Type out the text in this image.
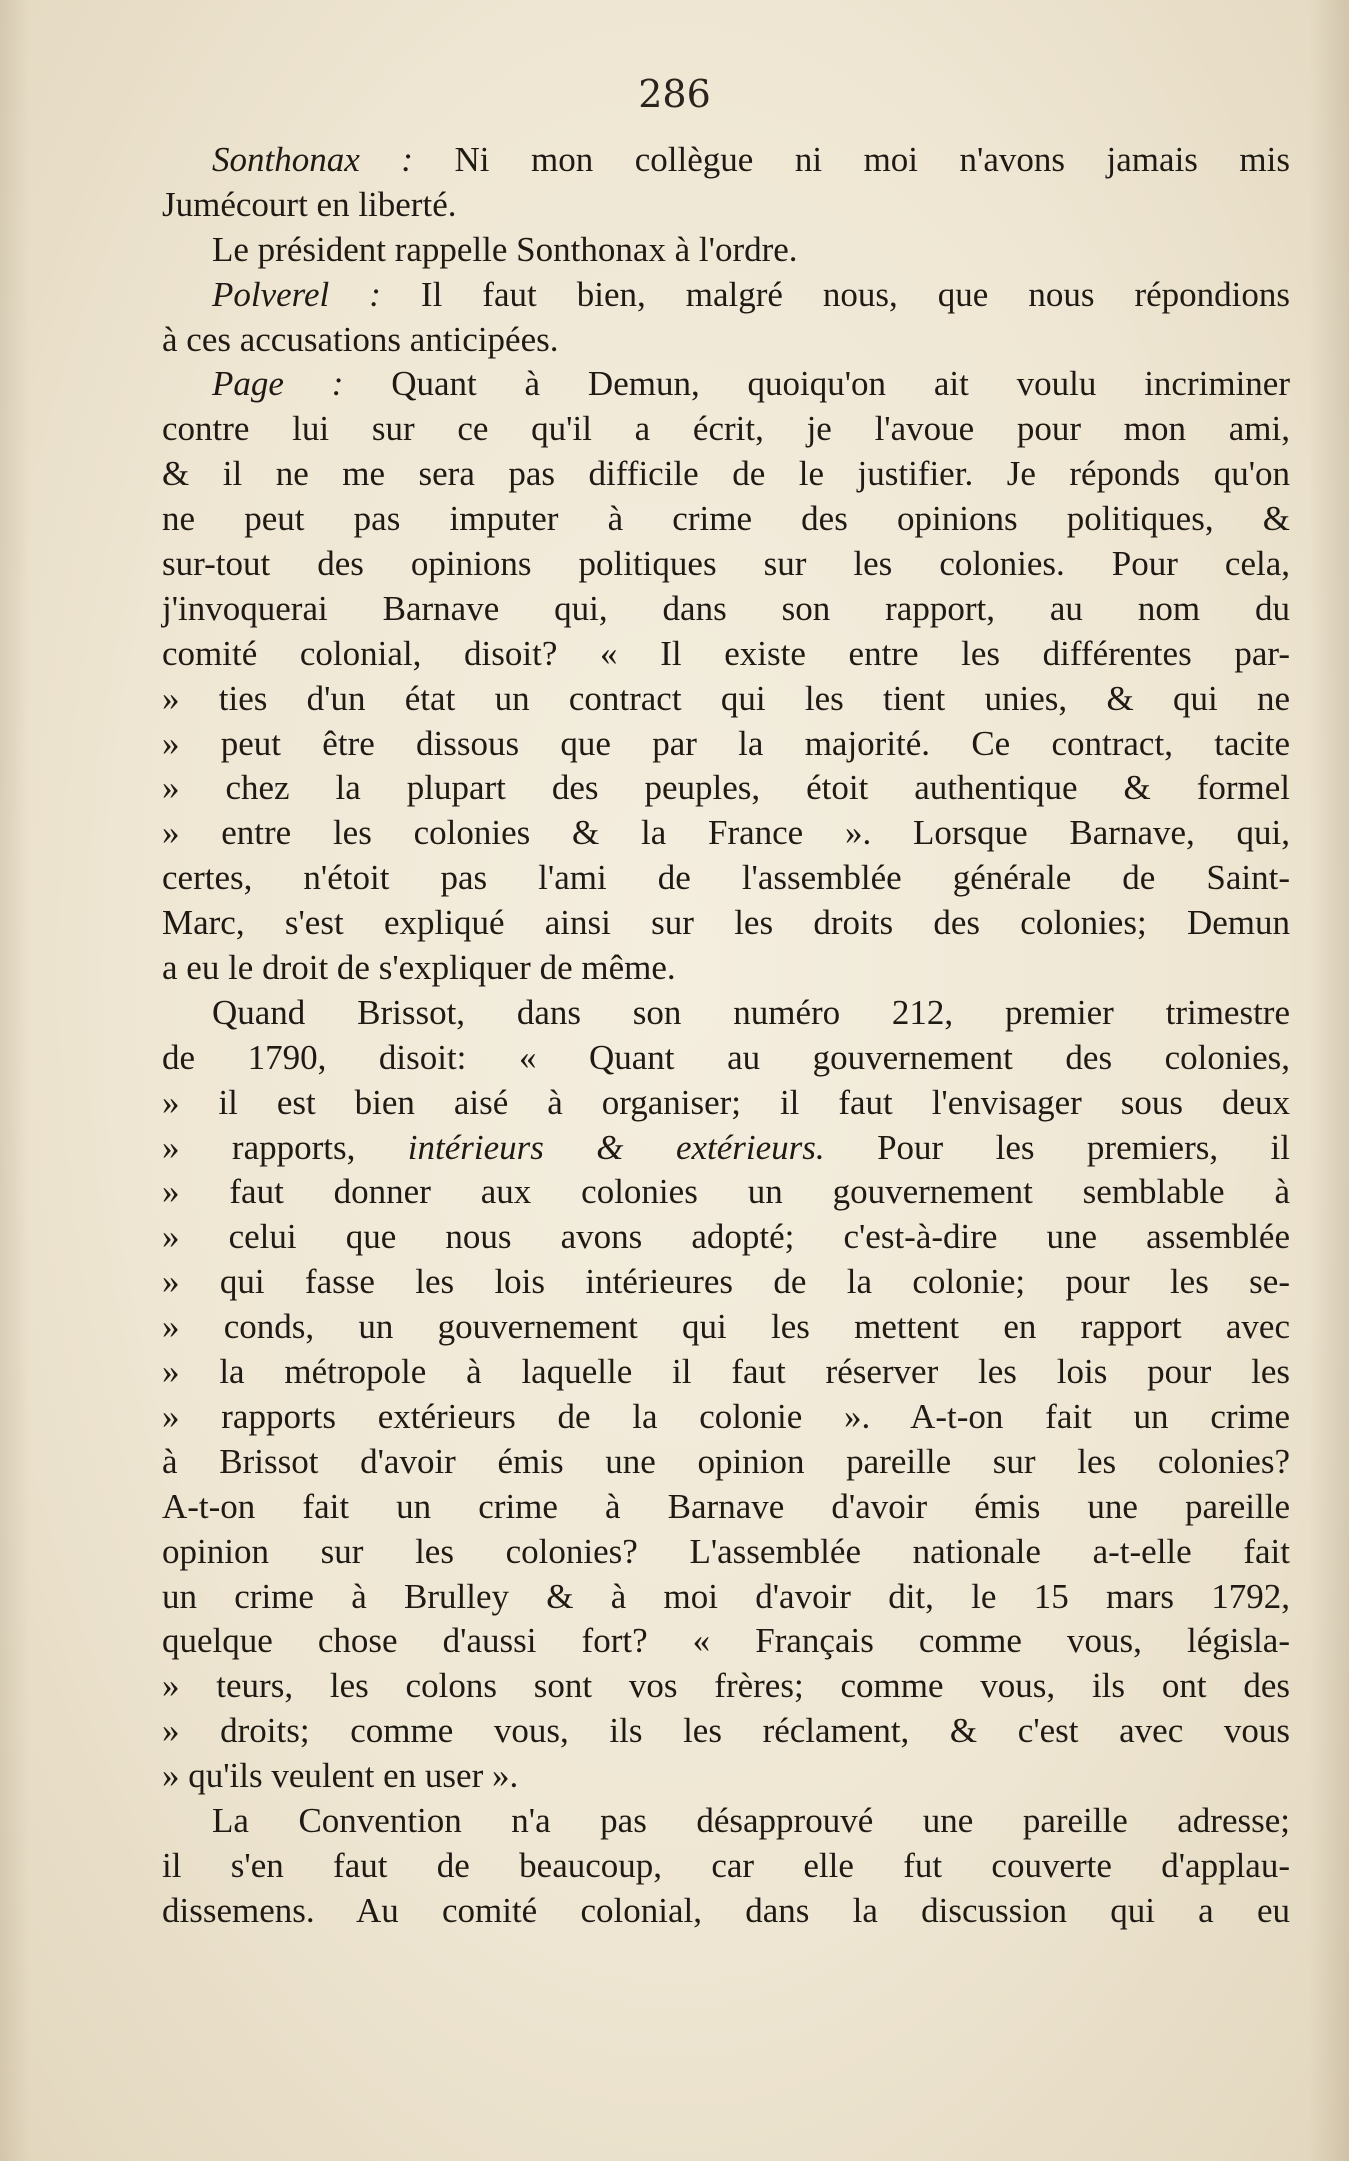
286
Sonthonax : Ni mon collègue ni moi n'avons jamais mis
Jumécourt en liberté.
Le président rappelle Sonthonax à l'ordre.
Polverel : Il faut bien, malgré nous, que nous répondions
à ces accusations anticipées.
Page : Quant à Demun, quoiqu'on ait voulu incriminer
contre lui sur ce qu'il a écrit, je l'avoue pour mon ami,
& il ne me sera pas difficile de le justifier. Je réponds qu'on
ne peut pas imputer à crime des opinions politiques, &
sur-tout des opinions politiques sur les colonies. Pour cela,
j'invoquerai Barnave qui, dans son rapport, au nom du
comité colonial, disoit? « Il existe entre les différentes par-
» ties d'un état un contract qui les tient unies, & qui ne
» peut être dissous que par la majorité. Ce contract, tacite
» chez la plupart des peuples, étoit authentique & formel
» entre les colonies & la France ». Lorsque Barnave, qui,
certes, n'étoit pas l'ami de l'assemblée générale de Saint-
Marc, s'est expliqué ainsi sur les droits des colonies; Demun
a eu le droit de s'expliquer de même.
Quand Brissot, dans son numéro 212, premier trimestre
de 1790, disoit: « Quant au gouvernement des colonies,
» il est bien aisé à organiser; il faut l'envisager sous deux
» rapports, intérieurs & extérieurs. Pour les premiers, il
» faut donner aux colonies un gouvernement semblable à
» celui que nous avons adopté; c'est-à-dire une assemblée
» qui fasse les lois intérieures de la colonie; pour les se-
» conds, un gouvernement qui les mettent en rapport avec
» la métropole à laquelle il faut réserver les lois pour les
» rapports extérieurs de la colonie ». A-t-on fait un crime
à Brissot d'avoir émis une opinion pareille sur les colonies?
A-t-on fait un crime à Barnave d'avoir émis une pareille
opinion sur les colonies? L'assemblée nationale a-t-elle fait
un crime à Brulley & à moi d'avoir dit, le 15 mars 1792,
quelque chose d'aussi fort? « Français comme vous, législa-
» teurs, les colons sont vos frères; comme vous, ils ont des
» droits; comme vous, ils les réclament, & c'est avec vous
» qu'ils veulent en user ».
La Convention n'a pas désapprouvé une pareille adresse;
il s'en faut de beaucoup, car elle fut couverte d'applau-
dissemens. Au comité colonial, dans la discussion qui a eu
